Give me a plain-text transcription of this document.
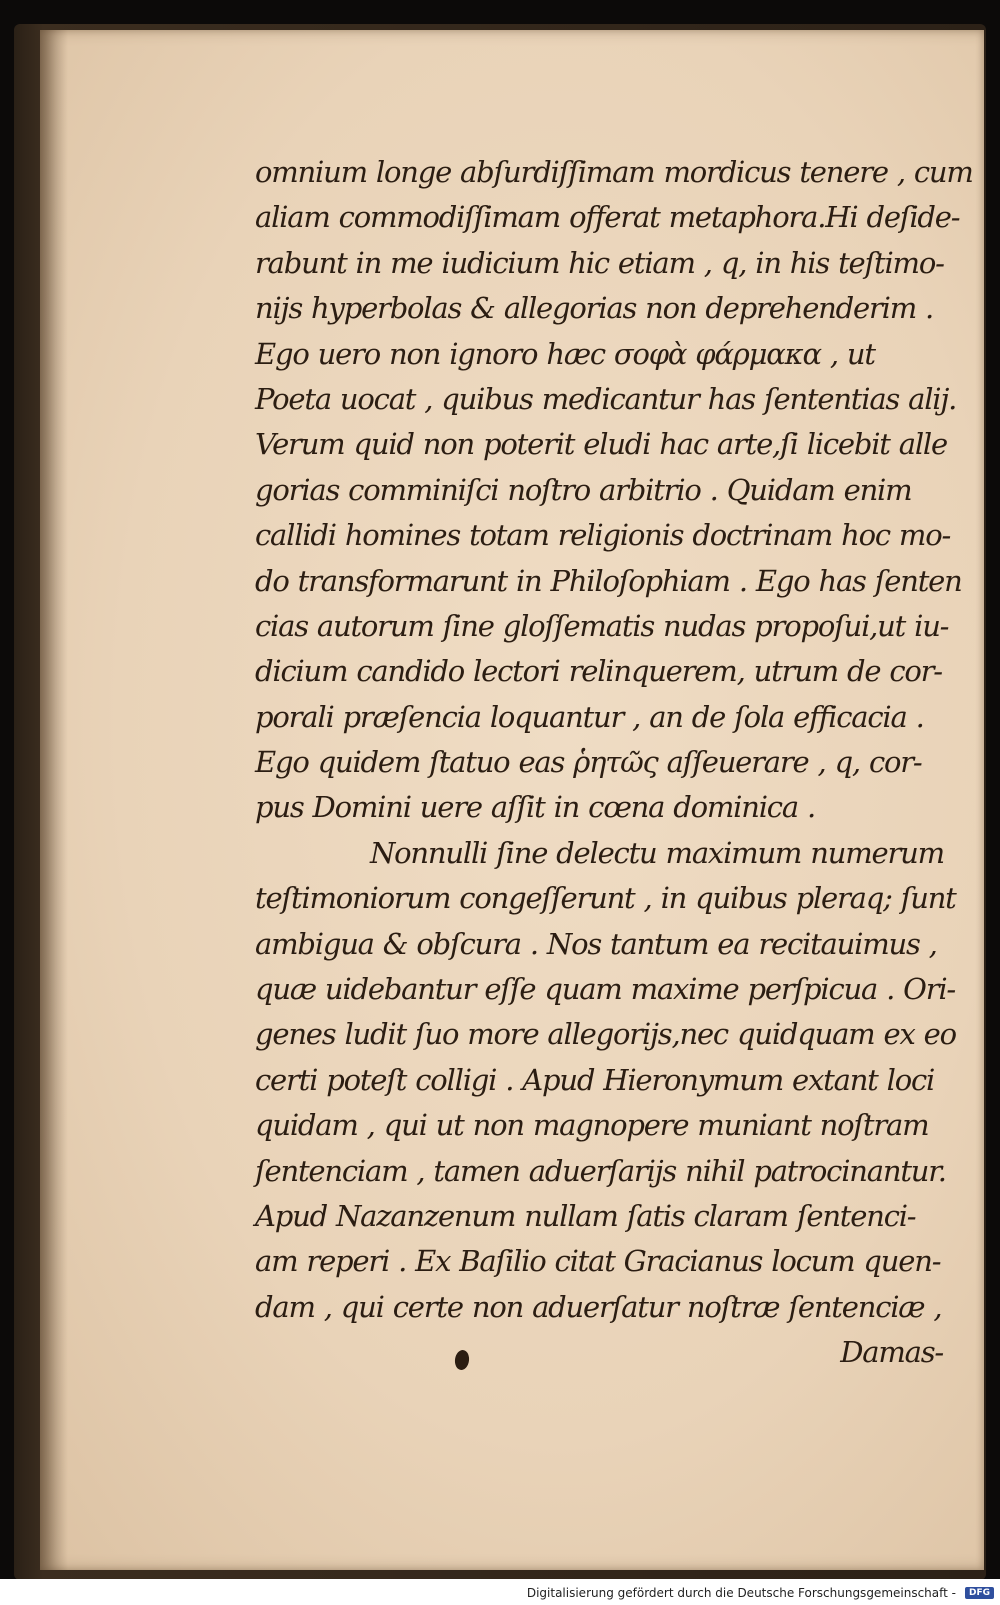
omnium longe abſurdiſſimam mordicus tenere , cum
aliam commodiſſimam offerat metaphora.Hi deſide-
rabunt in me iudicium hic etiam , q, in his teſtimo-
niјs hyperbolas & allegorias non deprehenderim .
Ego uero non ignoro hæc σοφὰ φάρμακα , ut
Poeta uocat , quibus medicantur has ſententias aliј.
Verum quid non poterit eludi hac arte,ſi licebit alle
gorias comminiſci noſtro arbitrio . Quidam enim
callidi homines totam religionis doctrinam hoc mo-
do transformarunt in Philoſophiam . Ego has ſenten
cias autorum ſine gloſſematis nudas propoſui,ut iu-
dicium candido lectori relinquerem, utrum de cor-
porali præſencia loquantur , an de ſola efficacia .
Ego quidem ſtatuo eas ῥητῶς aſſeuerare , q, cor-
pus Domini uere aſſit in cœna dominica .
Nonnulli ſine delectu maximum numerum
teſtimoniorum congeſſerunt , in quibus pleraq; ſunt
ambigua & obſcura . Nos tantum ea recitauimus ,
quæ uidebantur eſſe quam maxime perſpicua . Ori-
genes ludit ſuo more allegoriјs,nec quidquam ex eo
certi poteſt colligi . Apud Hieronymum extant loci
quidam , qui ut non magnopere muniant noſtram
ſentenciam , tamen aduerſariјs nihil patrocinantur.
Apud Nazanzenum nullam ſatis claram ſentenci-
am reperi . Ex Baſilio citat Gracianus locum quen-
dam , qui certe non aduerſatur noſtræ ſentenciæ ,
Damas-
Digitalisierung gefördert durch die Deutsche Forschungsgemeinschaft -	DFG
